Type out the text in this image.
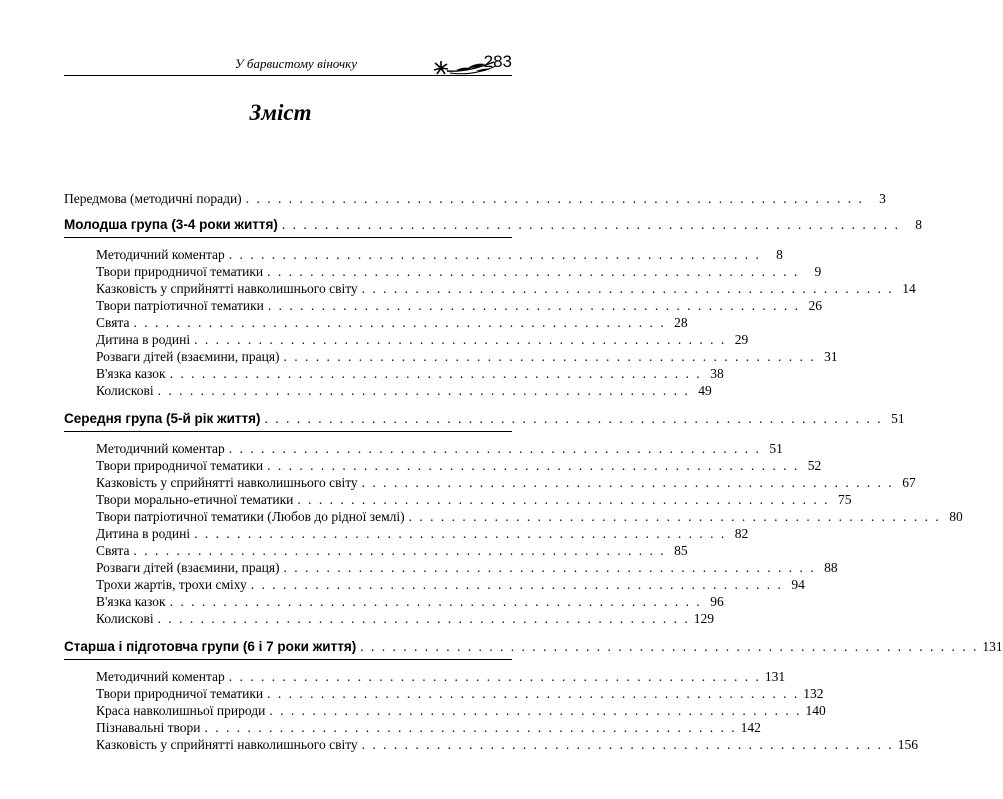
У барвистому віночку	283
Зміст
Передмова (методичні поради) . . . . . . . . . . . . . . . . . . . . . . . . . . . . . . . . . . . . . . . . . . . . . . . . . . . . . . . . . .	3
Молодша група (3-4 роки життя) . . . . . . . . . . . . . . . . . . . . . . . . . . . . . . . . . . . . . . . . . . . . . . . . . . . . . . . . . .	8
Методичний коментар . . . . . . . . . . . . . . . . . . . . . . . . . . . . . . . . . . . . . . . . . . . . . . . . . .	8
Твори природничої тематики . . . . . . . . . . . . . . . . . . . . . . . . . . . . . . . . . . . . . . . . . . . . . . . . . .	9
Казковість у сприйнятті навколишнього світу . . . . . . . . . . . . . . . . . . . . . . . . . . . . . . . . . . . . . . . . . . . . . . . . . . 14
Твори патріотичної тематики . . . . . . . . . . . . . . . . . . . . . . . . . . . . . . . . . . . . . . . . . . . . . . . . . . 26
Свята . . . . . . . . . . . . . . . . . . . . . . . . . . . . . . . . . . . . . . . . . . . . . . . . . . 28
Дитина в родині . . . . . . . . . . . . . . . . . . . . . . . . . . . . . . . . . . . . . . . . . . . . . . . . . . 29
Розваги дітей (взаємини, праця) . . . . . . . . . . . . . . . . . . . . . . . . . . . . . . . . . . . . . . . . . . . . . . . . . . 31
В'язка казок . . . . . . . . . . . . . . . . . . . . . . . . . . . . . . . . . . . . . . . . . . . . . . . . . . 38
Колискові . . . . . . . . . . . . . . . . . . . . . . . . . . . . . . . . . . . . . . . . . . . . . . . . . . 49
Середня група (5-й рік життя) . . . . . . . . . . . . . . . . . . . . . . . . . . . . . . . . . . . . . . . . . . . . . . . . . . . . . . . . . . 51
Методичний коментар . . . . . . . . . . . . . . . . . . . . . . . . . . . . . . . . . . . . . . . . . . . . . . . . . . 51
Твори природничої тематики . . . . . . . . . . . . . . . . . . . . . . . . . . . . . . . . . . . . . . . . . . . . . . . . . . 52
Казковість у сприйнятті навколишнього світу . . . . . . . . . . . . . . . . . . . . . . . . . . . . . . . . . . . . . . . . . . . . . . . . . . 67
Твори морально-етичної тематики . . . . . . . . . . . . . . . . . . . . . . . . . . . . . . . . . . . . . . . . . . . . . . . . . . 75
Твори патріотичної тематики (Любов до рідної землі) . . . . . . . . . . . . . . . . . . . . . . . . . . . . . . . . . . . . . . . . . . . . . . . . . . 80
Дитина в родині . . . . . . . . . . . . . . . . . . . . . . . . . . . . . . . . . . . . . . . . . . . . . . . . . . 82
Свята . . . . . . . . . . . . . . . . . . . . . . . . . . . . . . . . . . . . . . . . . . . . . . . . . . 85
Розваги дітей (взаємини, праця) . . . . . . . . . . . . . . . . . . . . . . . . . . . . . . . . . . . . . . . . . . . . . . . . . . 88
Трохи жартів, трохи сміху . . . . . . . . . . . . . . . . . . . . . . . . . . . . . . . . . . . . . . . . . . . . . . . . . . 94
В'язка казок . . . . . . . . . . . . . . . . . . . . . . . . . . . . . . . . . . . . . . . . . . . . . . . . . . 96
Колискові . . . . . . . . . . . . . . . . . . . . . . . . . . . . . . . . . . . . . . . . . . . . . . . . . . 129
Старша і підготовча групи (6 і 7 роки життя) . . . . . . . . . . . . . . . . . . . . . . . . . . . . . . . . . . . . . . . . . . . . . . . . . . . . . . . . . . 131
Методичний коментар . . . . . . . . . . . . . . . . . . . . . . . . . . . . . . . . . . . . . . . . . . . . . . . . . . 131
Твори природничої тематики . . . . . . . . . . . . . . . . . . . . . . . . . . . . . . . . . . . . . . . . . . . . . . . . . . 132
Краса навколишньої природи . . . . . . . . . . . . . . . . . . . . . . . . . . . . . . . . . . . . . . . . . . . . . . . . . . 140
Пізнавальні твори . . . . . . . . . . . . . . . . . . . . . . . . . . . . . . . . . . . . . . . . . . . . . . . . . . 142
Казковість у сприйнятті навколишнього світу . . . . . . . . . . . . . . . . . . . . . . . . . . . . . . . . . . . . . . . . . . . . . . . . . . 156
